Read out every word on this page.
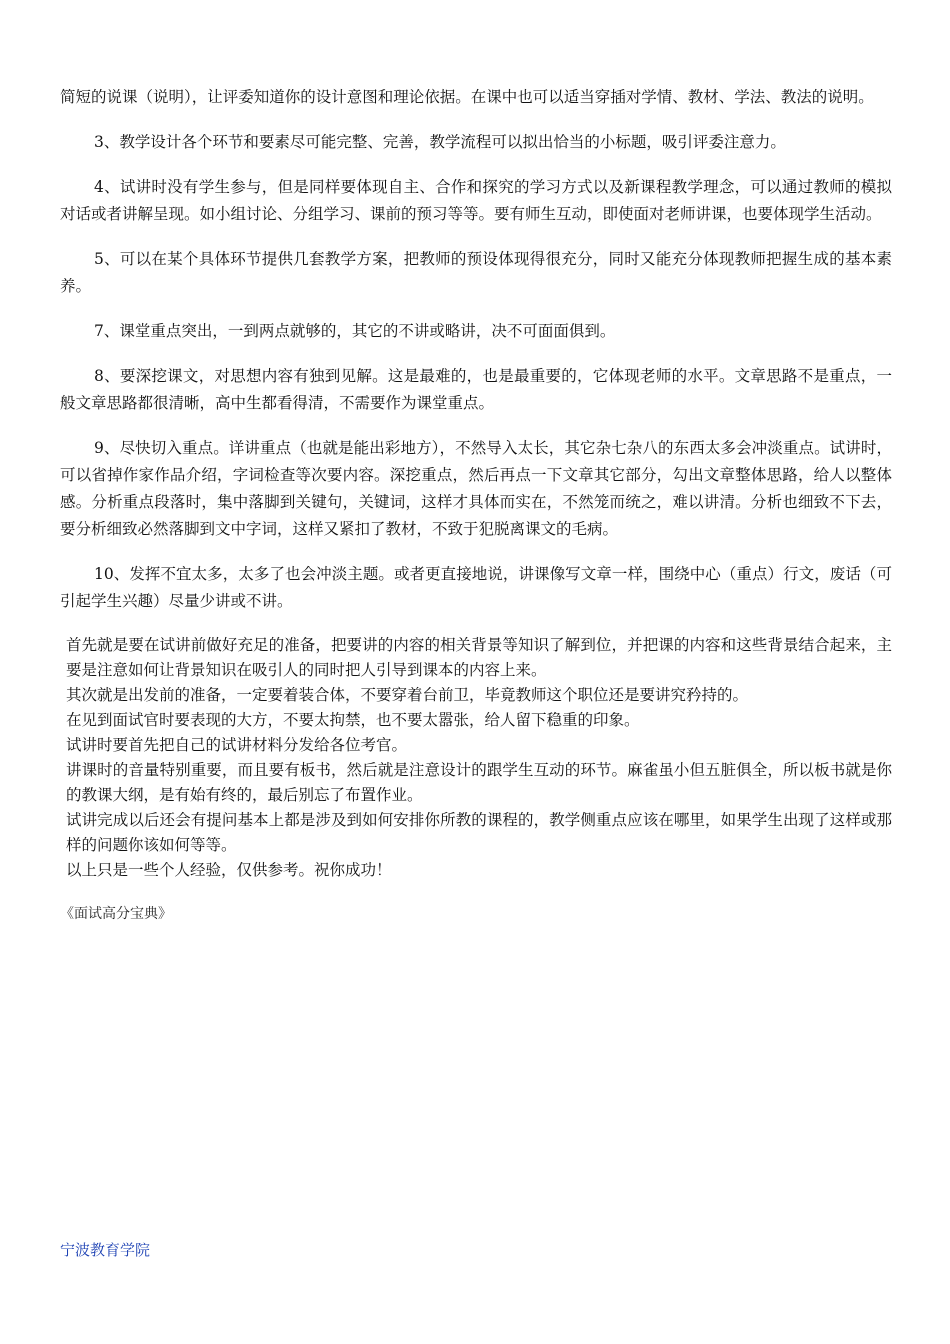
简短的说课（说明），让评委知道你的设计意图和理论依据。在课中也可以适当穿插对学情、教材、学法、教法的说明。

3、教学设计各个环节和要素尽可能完整、完善，教学流程可以拟出恰当的小标题，吸引评委注意力。

4、试讲时没有学生参与，但是同样要体现自主、合作和探究的学习方式以及新课程教学理念，可以通过教师的模拟对话或者讲解呈现。如小组讨论、分组学习、课前的预习等等。要有师生互动，即使面对老师讲课，也要体现学生活动。

5、可以在某个具体环节提供几套教学方案，把教师的预设体现得很充分，同时又能充分体现教师把握生成的基本素养。

7、课堂重点突出，一到两点就够的，其它的不讲或略讲，决不可面面俱到。

8、要深挖课文，对思想内容有独到见解。这是最难的，也是最重要的，它体现老师的水平。文章思路不是重点，一般文章思路都很清晰，高中生都看得清，不需要作为课堂重点。

9、尽快切入重点。详讲重点（也就是能出彩地方），不然导入太长，其它杂七杂八的东西太多会冲淡重点。试讲时，可以省掉作家作品介绍，字词检查等次要内容。深挖重点，然后再点一下文章其它部分，勾出文章整体思路，给人以整体感。分析重点段落时，集中落脚到关键句，关键词，这样才具体而实在，不然笼而统之，难以讲清。分析也细致不下去，要分析细致必然落脚到文中字词，这样又紧扣了教材，不致于犯脱离课文的毛病。

10、发挥不宜太多，太多了也会冲淡主题。或者更直接地说，讲课像写文章一样，围绕中心（重点）行文，废话（可引起学生兴趣）尽量少讲或不讲。

首先就是要在试讲前做好充足的准备，把要讲的内容的相关背景等知识了解到位，并把课的内容和这些背景结合起来，主要是注意如何让背景知识在吸引人的同时把人引导到课本的内容上来。

其次就是出发前的准备，一定要着装合体，不要穿着台前卫，毕竟教师这个职位还是要讲究矜持的。

在见到面试官时要表现的大方，不要太拘禁，也不要太嚣张，给人留下稳重的印象。

试讲时要首先把自己的试讲材料分发给各位考官。

讲课时的音量特别重要，而且要有板书，然后就是注意设计的跟学生互动的环节。麻雀虽小但五脏俱全，所以板书就是你的教课大纲，是有始有终的，最后别忘了布置作业。

试讲完成以后还会有提问基本上都是涉及到如何安排你所教的课程的，教学侧重点应该在哪里，如果学生出现了这样或那样的问题你该如何等等。

以上只是一些个人经验，仅供参考。祝你成功！

《面试高分宝典》
宁波教育学院
